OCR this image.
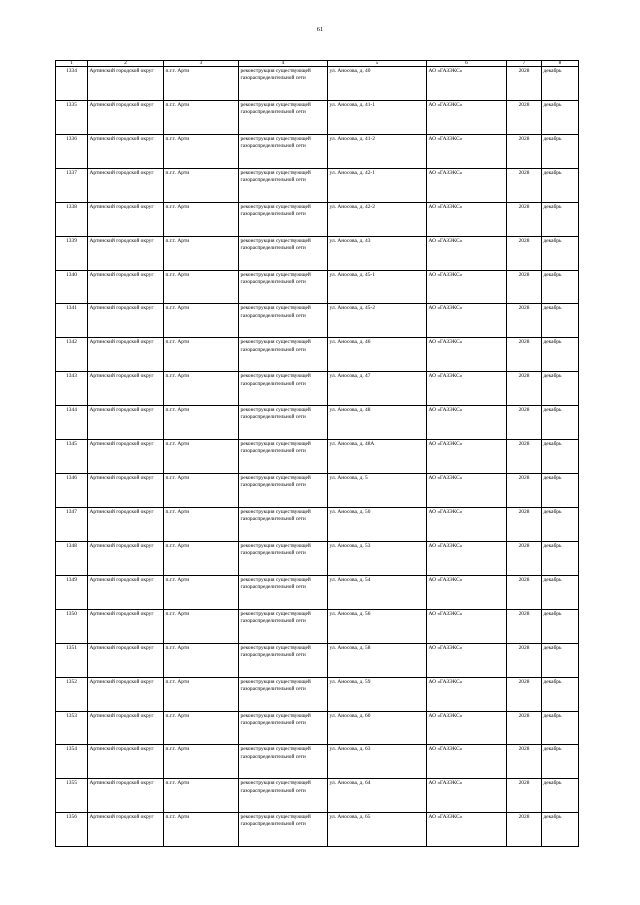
61
1	2	3	4	5	6	7	8
1334	Артинский городской округ	п.г.т. Арти	реконструкция существующей газораспределительной сети	ул. Аносова, д. 40	АО «ГАЗЭКС»	2028	декабрь
1335	Артинский городской округ	п.г.т. Арти	реконструкция существующей газораспределительной сети	ул. Аносова, д. 41-1	АО «ГАЗЭКС»	2028	декабрь
1336	Артинский городской округ	п.г.т. Арти	реконструкция существующей газораспределительной сети	ул. Аносова, д. 41-2	АО «ГАЗЭКС»	2028	декабрь
1337	Артинский городской округ	п.г.т. Арти	реконструкция существующей газораспределительной сети	ул. Аносова, д. 42-1	АО «ГАЗЭКС»	2028	декабрь
1338	Артинский городской округ	п.г.т. Арти	реконструкция существующей газораспределительной сети	ул. Аносова, д. 42-2	АО «ГАЗЭКС»	2028	декабрь
1339	Артинский городской округ	п.г.т. Арти	реконструкция существующей газораспределительной сети	ул. Аносова, д. 43	АО «ГАЗЭКС»	2028	декабрь
1340	Артинский городской округ	п.г.т. Арти	реконструкция существующей газораспределительной сети	ул. Аносова, д. 45-1	АО «ГАЗЭКС»	2028	декабрь
1341	Артинский городской округ	п.г.т. Арти	реконструкция существующей газораспределительной сети	ул. Аносова, д. 45-2	АО «ГАЗЭКС»	2028	декабрь
1342	Артинский городской округ	п.г.т. Арти	реконструкция существующей газораспределительной сети	ул. Аносова, д. 46	АО «ГАЗЭКС»	2028	декабрь
1343	Артинский городской округ	п.г.т. Арти	реконструкция существующей газораспределительной сети	ул. Аносова, д. 47	АО «ГАЗЭКС»	2028	декабрь
1344	Артинский городской округ	п.г.т. Арти	реконструкция существующей газораспределительной сети	ул. Аносова, д. 48	АО «ГАЗЭКС»	2028	декабрь
1345	Артинский городской округ	п.г.т. Арти	реконструкция существующей газораспределительной сети	ул. Аносова, д. 48А	АО «ГАЗЭКС»	2028	декабрь
1346	Артинский городской округ	п.г.т. Арти	реконструкция существующей газораспределительной сети	ул. Аносова, д. 5	АО «ГАЗЭКС»	2028	декабрь
1347	Артинский городской округ	п.г.т. Арти	реконструкция существующей газораспределительной сети	ул. Аносова, д. 50	АО «ГАЗЭКС»	2028	декабрь
1348	Артинский городской округ	п.г.т. Арти	реконструкция существующей газораспределительной сети	ул. Аносова, д. 53	АО «ГАЗЭКС»	2028	декабрь
1349	Артинский городской округ	п.г.т. Арти	реконструкция существующей газораспределительной сети	ул. Аносова, д. 54	АО «ГАЗЭКС»	2028	декабрь
1350	Артинский городской округ	п.г.т. Арти	реконструкция существующей газораспределительной сети	ул. Аносова, д. 56	АО «ГАЗЭКС»	2028	декабрь
1351	Артинский городской округ	п.г.т. Арти	реконструкция существующей газораспределительной сети	ул. Аносова, д. 58	АО «ГАЗЭКС»	2028	декабрь
1352	Артинский городской округ	п.г.т. Арти	реконструкция существующей газораспределительной сети	ул. Аносова, д. 59	АО «ГАЗЭКС»	2028	декабрь
1353	Артинский городской округ	п.г.т. Арти	реконструкция существующей газораспределительной сети	ул. Аносова, д. 60	АО «ГАЗЭКС»	2028	декабрь
1354	Артинский городской округ	п.г.т. Арти	реконструкция существующей газораспределительной сети	ул. Аносова, д. 63	АО «ГАЗЭКС»	2028	декабрь
1355	Артинский городской округ	п.г.т. Арти	реконструкция существующей газораспределительной сети	ул. Аносова, д. 64	АО «ГАЗЭКС»	2028	декабрь
1356	Артинский городской округ	п.г.т. Арти	реконструкция существующей газораспределительной сети	ул. Аносова, д. 65	АО «ГАЗЭКС»	2028	декабрь
